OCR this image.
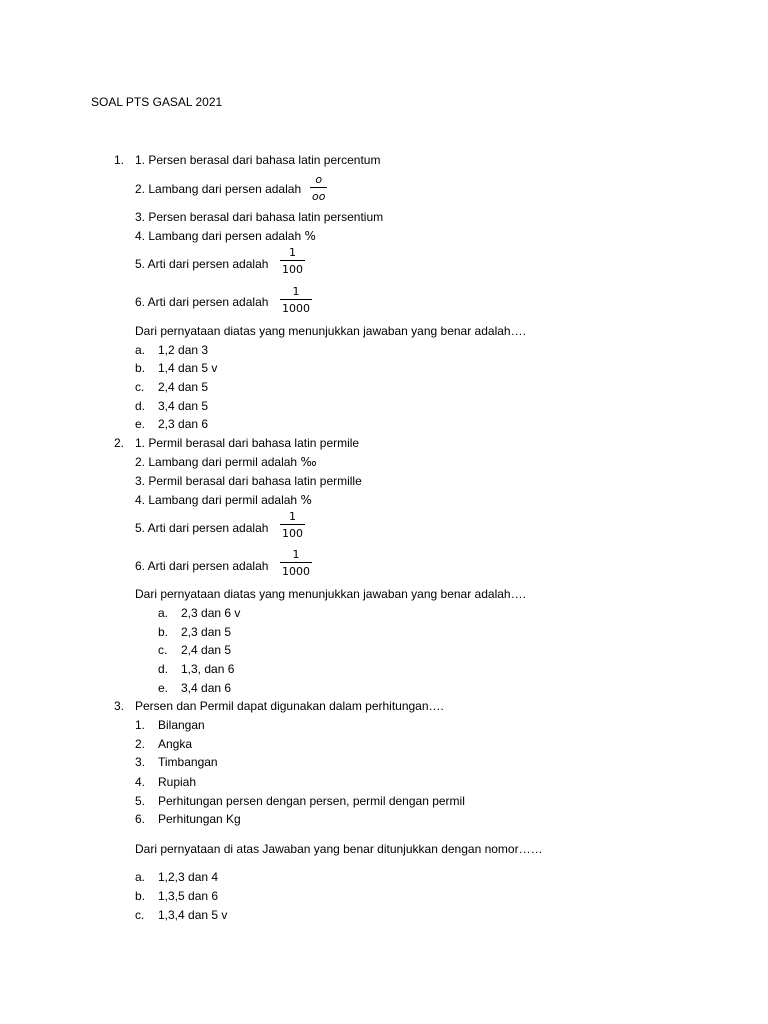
SOAL PTS GASAL 2021
1. 1. Persen berasal dari bahasa latin percentum
2. Lambang dari persen adalah
o
oo
3. Persen berasal dari bahasa latin persentium
4. Lambang dari persen adalah %
5. Arti dari persen adalah
1
100
6. Arti dari persen adalah
1
1000
Dari pernyataan diatas yang menunjukkan jawaban yang benar adalah….
a. 1,2 dan 3
b. 1,4 dan 5 v
c. 2,4 dan 5
d. 3,4 dan 5
e. 2,3 dan 6
2. 1. Permil berasal dari bahasa latin permile
2. Lambang dari permil adalah ‰
3. Permil berasal dari bahasa latin permille
4. Lambang dari permil adalah %
5. Arti dari persen adalah
1
100
6. Arti dari persen adalah
1
1000
Dari pernyataan diatas yang menunjukkan jawaban yang benar adalah….
a. 2,3 dan 6 v
b. 2,3 dan 5
c. 2,4 dan 5
d. 1,3, dan 6
e. 3,4 dan 6
3. Persen dan Permil dapat digunakan dalam perhitungan….
1. Bilangan
2. Angka
3. Timbangan
4. Rupiah
5. Perhitungan persen dengan persen, permil dengan permil
6. Perhitungan Kg
Dari pernyataan di atas Jawaban yang benar ditunjukkan dengan nomor……
a. 1,2,3 dan 4
b. 1,3,5 dan 6
c. 1,3,4 dan 5 v
